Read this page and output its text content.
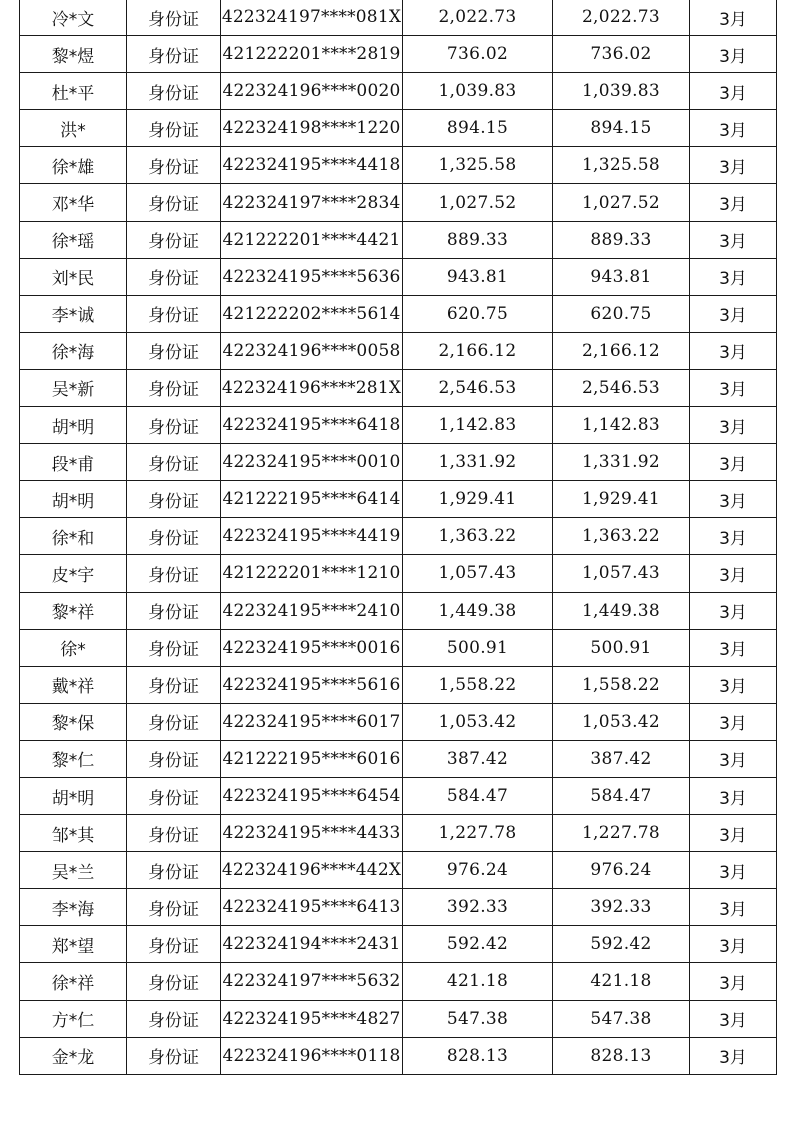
冷*文	身份证	422324197****081X	2,022.73	2,022.73	3月
黎*煜	身份证	421222201****2819	736.02	736.02	3月
杜*平	身份证	422324196****0020	1,039.83	1,039.83	3月
洪*	身份证	422324198****1220	894.15	894.15	3月
徐*雄	身份证	422324195****4418	1,325.58	1,325.58	3月
邓*华	身份证	422324197****2834	1,027.52	1,027.52	3月
徐*瑶	身份证	421222201****4421	889.33	889.33	3月
刘*民	身份证	422324195****5636	943.81	943.81	3月
李*诚	身份证	421222202****5614	620.75	620.75	3月
徐*海	身份证	422324196****0058	2,166.12	2,166.12	3月
吴*新	身份证	422324196****281X	2,546.53	2,546.53	3月
胡*明	身份证	422324195****6418	1,142.83	1,142.83	3月
段*甫	身份证	422324195****0010	1,331.92	1,331.92	3月
胡*明	身份证	421222195****6414	1,929.41	1,929.41	3月
徐*和	身份证	422324195****4419	1,363.22	1,363.22	3月
皮*宇	身份证	421222201****1210	1,057.43	1,057.43	3月
黎*祥	身份证	422324195****2410	1,449.38	1,449.38	3月
徐*	身份证	422324195****0016	500.91	500.91	3月
戴*祥	身份证	422324195****5616	1,558.22	1,558.22	3月
黎*保	身份证	422324195****6017	1,053.42	1,053.42	3月
黎*仁	身份证	421222195****6016	387.42	387.42	3月
胡*明	身份证	422324195****6454	584.47	584.47	3月
邹*其	身份证	422324195****4433	1,227.78	1,227.78	3月
吴*兰	身份证	422324196****442X	976.24	976.24	3月
李*海	身份证	422324195****6413	392.33	392.33	3月
郑*望	身份证	422324194****2431	592.42	592.42	3月
徐*祥	身份证	422324197****5632	421.18	421.18	3月
方*仁	身份证	422324195****4827	547.38	547.38	3月
金*龙	身份证	422324196****0118	828.13	828.13	3月
